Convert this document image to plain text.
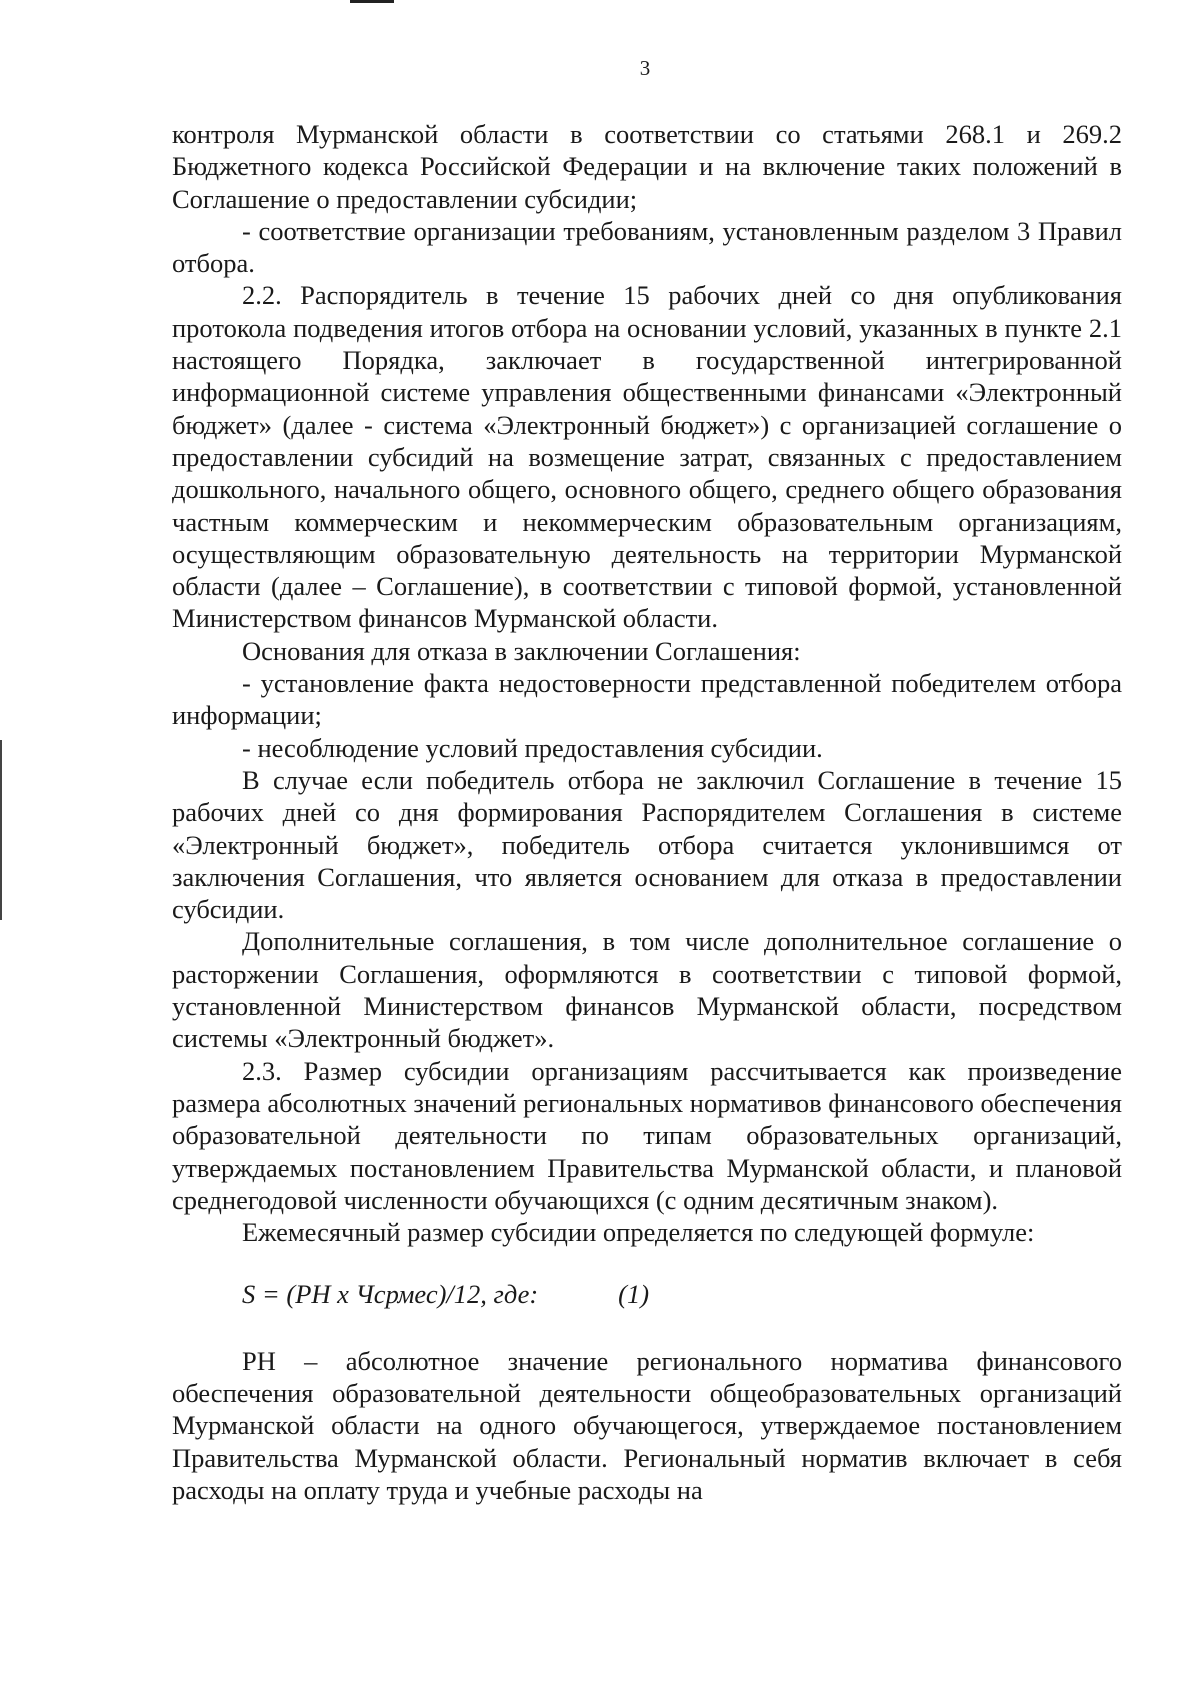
3

контроля Мурманской области в соответствии со статьями 268.1 и 269.2 Бюджетного кодекса Российской Федерации и на включение таких положений в Соглашение о предоставлении субсидии;

- соответствие организации требованиям, установленным разделом 3 Правил отбора.

2.2. Распорядитель в течение 15 рабочих дней со дня опубликования протокола подведения итогов отбора на основании условий, указанных в пункте 2.1 настоящего Порядка, заключает в государственной интегрированной информационной системе управления общественными финансами «Электронный бюджет» (далее - система «Электронный бюджет») с организацией соглашение о предоставлении субсидий на возмещение затрат, связанных с предоставлением дошкольного, начального общего, основного общего, среднего общего образования частным коммерческим и некоммерческим образовательным организациям, осуществляющим образовательную деятельность на территории Мурманской области (далее – Соглашение), в соответствии с типовой формой, установленной Министерством финансов Мурманской области.

Основания для отказа в заключении Соглашения:

- установление факта недостоверности представленной победителем отбора информации;

- несоблюдение условий предоставления субсидии.

В случае если победитель отбора не заключил Соглашение в течение 15 рабочих дней со дня формирования Распорядителем Соглашения в системе «Электронный бюджет», победитель отбора считается уклонившимся от заключения Соглашения, что является основанием для отказа в предоставлении субсидии.

Дополнительные соглашения, в том числе дополнительное соглашение о расторжении Соглашения, оформляются в соответствии с типовой формой, установленной Министерством финансов Мурманской области, посредством системы «Электронный бюджет».

2.3. Размер субсидии организациям рассчитывается как произведение размера абсолютных значений региональных нормативов финансового обеспечения образовательной деятельности по типам образовательных организаций, утверждаемых постановлением Правительства Мурманской области, и плановой среднегодовой численности обучающихся (с одним десятичным знаком).

Ежемесячный размер субсидии определяется по следующей формуле:

S = (РН х Чсрмес)/12, где:	(1)

РН – абсолютное значение регионального норматива финансового обеспечения образовательной деятельности общеобразовательных организаций Мурманской области на одного обучающегося, утверждаемое постановлением Правительства Мурманской области. Региональный норматив включает в себя расходы на оплату труда и учебные расходы на
